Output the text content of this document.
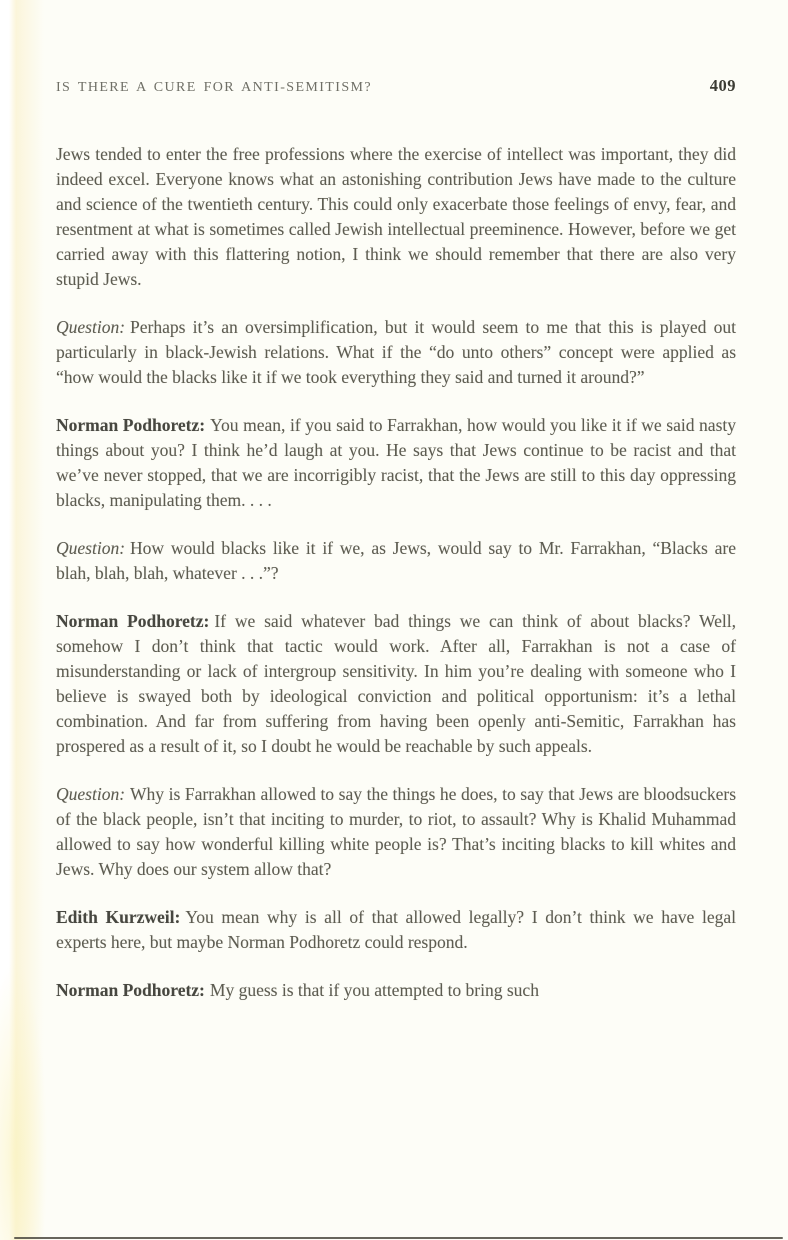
IS THERE A CURE FOR ANTI-SEMITISM?	409

Jews tended to enter the free professions where the exercise of intellect was important, they did indeed excel. Everyone knows what an astonishing contribution Jews have made to the culture and science of the twentieth century. This could only exacerbate those feelings of envy, fear, and resentment at what is sometimes called Jewish intellectual preeminence. However, before we get carried away with this flattering notion, I think we should remember that there are also very stupid Jews.

Question: Perhaps it’s an oversimplification, but it would seem to me that this is played out particularly in black-Jewish relations. What if the “do unto others” concept were applied as “how would the blacks like it if we took everything they said and turned it around?”

Norman Podhoretz: You mean, if you said to Farrakhan, how would you like it if we said nasty things about you? I think he’d laugh at you. He says that Jews continue to be racist and that we’ve never stopped, that we are incorrigibly racist, that the Jews are still to this day oppressing blacks, manipulating them. . . .

Question: How would blacks like it if we, as Jews, would say to Mr. Farrakhan, “Blacks are blah, blah, blah, whatever . . .”?

Norman Podhoretz: If we said whatever bad things we can think of about blacks? Well, somehow I don’t think that tactic would work. After all, Farrakhan is not a case of misunderstanding or lack of intergroup sensitivity. In him you’re dealing with someone who I believe is swayed both by ideological conviction and political opportunism: it’s a lethal combination. And far from suffering from having been openly anti-Semitic, Farrakhan has prospered as a result of it, so I doubt he would be reachable by such appeals.

Question: Why is Farrakhan allowed to say the things he does, to say that Jews are bloodsuckers of the black people, isn’t that inciting to murder, to riot, to assault? Why is Khalid Muhammad allowed to say how wonderful killing white people is? That’s inciting blacks to kill whites and Jews. Why does our system allow that?

Edith Kurzweil: You mean why is all of that allowed legally? I don’t think we have legal experts here, but maybe Norman Podhoretz could respond.

Norman Podhoretz: My guess is that if you attempted to bring such
